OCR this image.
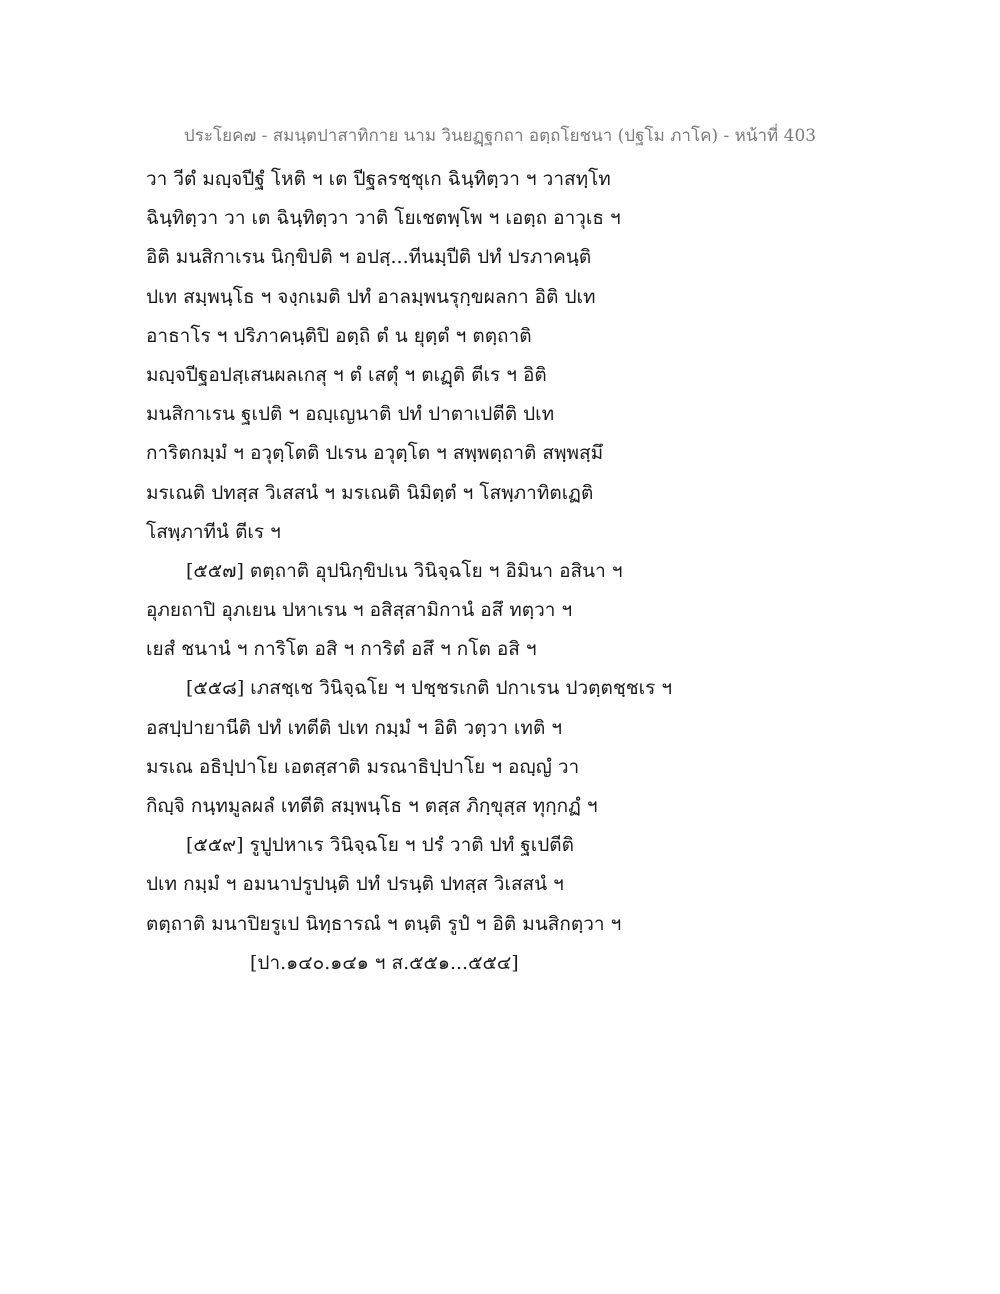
ประโยค๗ - สมนฺตปาสาทิกาย นาม วินยฏฺฐกถา อตฺถโยชนา (ปฐโม ภาโค) - หน้าที่ 403
วา วีตํ มญฺจปีฐํ โหติ ฯ เต ปีฐลรชฺชุเก ฉินฺทิตฺวา ฯ วาสทฺโท
ฉินฺทิตฺวา วา เต ฉินฺทิตฺวา วาติ โยเชตพฺโพ ฯ เอตฺถ อาวุเธ ฯ
อิติ มนสิกาเรน นิกฺขิปติ ฯ อปสฺ...ทีนมฺปีติ ปทํ ปรภาคนฺติ
ปเท สมฺพนฺโธ ฯ จงฺกเมติ ปทํ อาลมฺพนรุกฺขผลกา อิติ ปเท
อาธาโร ฯ ปริภาคนฺติปิ อตฺถิ ตํ น ยุตฺตํ ฯ ตตฺถาติ
มญฺจปีฐอปสฺเสนผลเกสุ ฯ ตํ เสตุํ ฯ ตเฏฺติ ตีเร ฯ อิติ
มนสิกาเรน ฐเปติ ฯ อญฺเญนาติ ปทํ ปาตาเปตีติ ปเท
การิตกมฺมํ ฯ อวุตฺโตติ ปเรน อวุตฺโต ฯ สพฺพตฺถาติ สพฺพสฺมึ
มรเณติ ปทสฺส วิเสสนํ ฯ มรเณติ นิมิตฺตํ ฯ โสพฺภาทิตเฏติ
โสพฺภาทีนํ ตีเร ฯ
[๕๕๗] ตตฺถาติ อุปนิกฺขิปเน วินิจฺฉโย ฯ อิมินา อสินา ฯ
อุภยถาปิ อุภเยน ปหาเรน ฯ อสิสฺสามิกานํ อสึ ทตฺวา ฯ
เยสํ ชนานํ ฯ การิโต อสิ ฯ การิตํ อสึ ฯ กโต อสิ ฯ
[๕๕๘] เภสชฺเช วินิจฺฉโย ฯ ปชฺชรเกติ ปกาเรน ปวตฺตชฺชเร ฯ
อสปฺปายานีติ ปทํ เทตีติ ปเท กมฺมํ ฯ อิติ วตฺวา เทติ ฯ
มรเณ อธิปฺปาโย เอตสฺสาติ มรณาธิปฺปาโย ฯ อญฺญํ วา
กิญฺจิ กนฺทมูลผลํ เทตีติ สมฺพนฺโธ ฯ ตสฺส ภิกฺขุสฺส ทุกฺกฏํ ฯ
[๕๕๙] รูปูปหาเร วินิจฺฉโย ฯ ปรํ วาติ ปทํ ฐเปตีติ
ปเท กมฺมํ ฯ อมนาปรูปนฺติ ปทํ ปรนฺติ ปทสฺส วิเสสนํ ฯ
ตตฺถาติ มนาปิยรูเป นิทฺธารณํ ฯ ตนฺติ รูปํ ฯ อิติ มนสิกตฺวา ฯ
[ปา.๑๔๐.๑๔๑ ฯ ส.๕๕๑...๕๕๔]
